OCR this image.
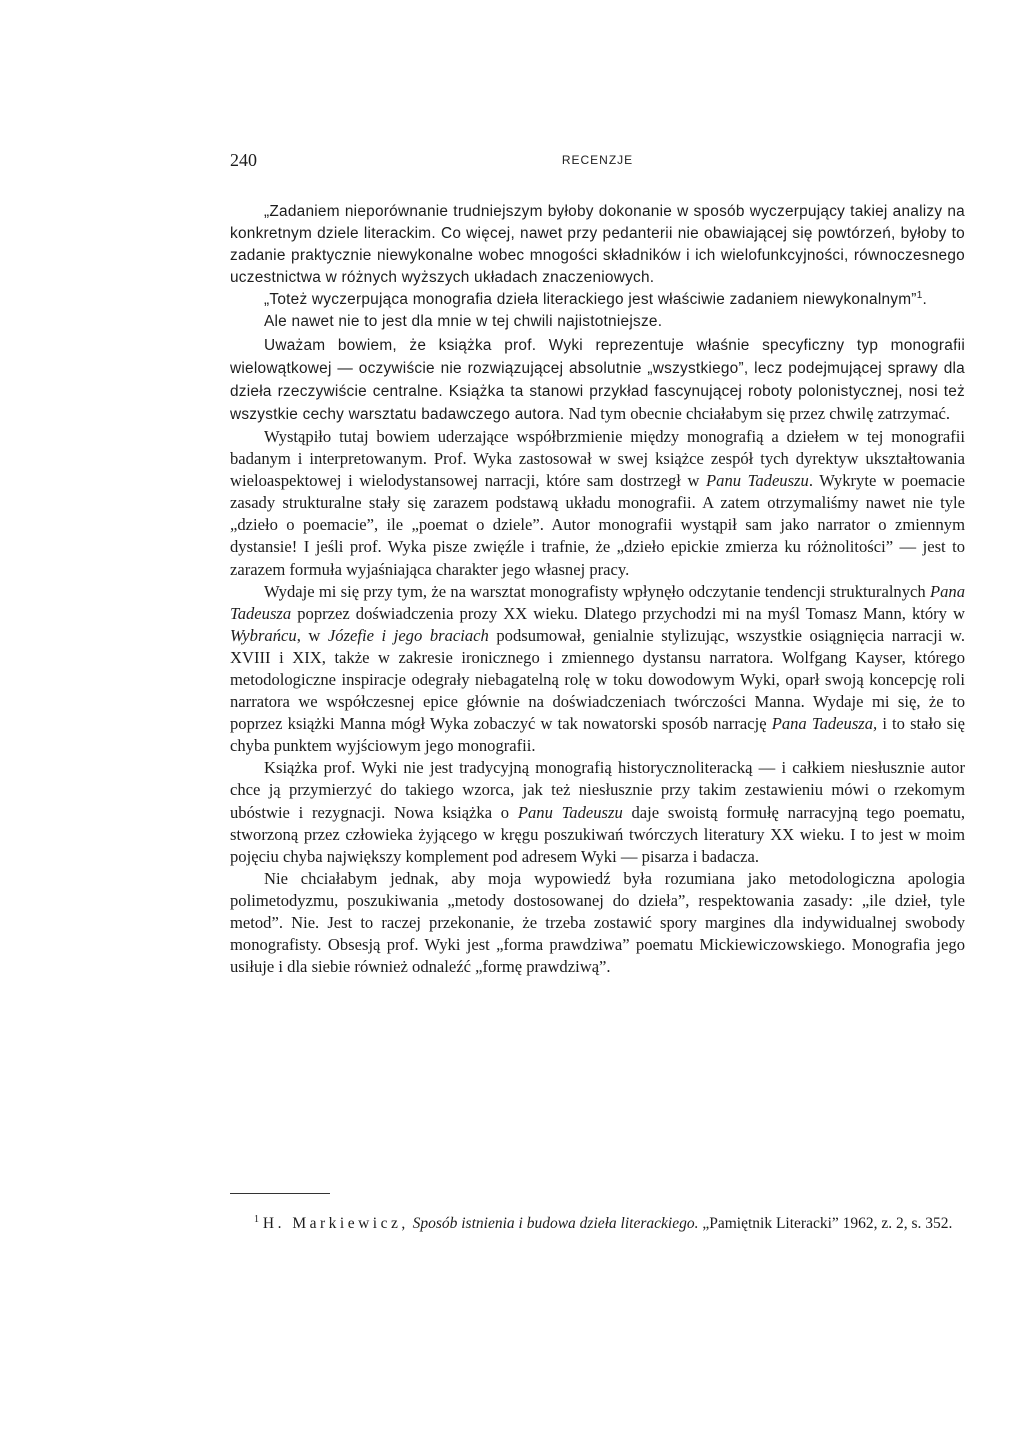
240	RECENZJE

„Zadaniem nieporównanie trudniejszym byłoby dokonanie w sposób wyczerpujący takiej analizy na konkretnym dziele literackim. Co więcej, nawet przy pedanterii nie obawiającej się powtórzeń, byłoby to zadanie praktycznie niewykonalne wobec mnogości składników i ich wielofunkcyjności, równoczesnego uczestnictwa w różnych wyższych układach znaczeniowych.

„Toteż wyczerpująca monografia dzieła literackiego jest właściwie zadaniem niewykonalnym”$^1$.

Ale nawet nie to jest dla mnie w tej chwili najistotniejsze.

Uważam bowiem, że książka prof. Wyki reprezentuje właśnie specyficzny typ monografii wielowątkowej — oczywiście nie rozwiązującej absolutnie „wszystkiego”, lecz podejmującej sprawy dla dzieła rzeczywiście centralne. Książka ta stanowi przykład fascynującej roboty polonistycznej, nosi też wszystkie cechy warsztatu badawczego autora. Nad tym obecnie chciałabym się przez chwilę zatrzymać.

Wystąpiło tutaj bowiem uderzające współbrzmienie między monografią a dziełem w tej monografii badanym i interpretowanym. Prof. Wyka zastosował w swej książce zespół tych dyrektyw ukształtowania wieloaspektowej i wielodystansowej narracji, które sam dostrzegł w Panu Tadeuszu. Wykryte w poemacie zasady strukturalne stały się zarazem podstawą układu monografii. A zatem otrzymaliśmy nawet nie tyle „dzieło o poemacie”, ile „poemat o dziele”. Autor monografii wystąpił sam jako narrator o zmiennym dystansie! I jeśli prof. Wyka pisze zwięźle i trafnie, że „dzieło epickie zmierza ku różnolitości” — jest to zarazem formuła wyjaśniająca charakter jego własnej pracy.

Wydaje mi się przy tym, że na warsztat monografisty wpłynęło odczytanie tendencji strukturalnych Pana Tadeusza poprzez doświadczenia prozy XX wieku. Dlatego przychodzi mi na myśl Tomasz Mann, który w Wybrańcu, w Józefie i jego braciach podsumował, genialnie stylizując, wszystkie osiągnięcia narracji w. XVIII i XIX, także w zakresie ironicznego i zmiennego dystansu narratora. Wolfgang Kayser, którego metodologiczne inspiracje odegrały niebagatelną rolę w toku dowodowym Wyki, oparł swoją koncepcję roli narratora we współczesnej epice głównie na doświadczeniach twórczości Manna. Wydaje mi się, że to poprzez książki Manna mógł Wyka zobaczyć w tak nowatorski sposób narrację Pana Tadeusza, i to stało się chyba punktem wyjściowym jego monografii.

Książka prof. Wyki nie jest tradycyjną monografią historycznoliteracką — i całkiem niesłusznie autor chce ją przymierzyć do takiego wzorca, jak też niesłusznie przy takim zestawieniu mówi o rzekomym ubóstwie i rezygnacji. Nowa książka o Panu Tadeuszu daje swoistą formułę narracyjną tego poematu, stworzoną przez człowieka żyjącego w kręgu poszukiwań twórczych literatury XX wieku. I to jest w moim pojęciu chyba największy komplement pod adresem Wyki — pisarza i badacza.

Nie chciałabym jednak, aby moja wypowiedź była rozumiana jako metodologiczna apologia polimetodyzmu, poszukiwania „metody dostosowanej do dzieła”, respektowania zasady: „ile dzieł, tyle metod”. Nie. Jest to raczej przekonanie, że trzeba zostawić spory margines dla indywidualnej swobody monografisty. Obsesją prof. Wyki jest „forma prawdziwa” poematu Mickiewiczowskiego. Monografia jego usiłuje i dla siebie również odnaleźć „formę prawdziwą”.

$^1$ H. Markiewicz, Sposób istnienia i budowa dzieła literackiego. „Pamiętnik Literacki” 1962, z. 2, s. 352.
